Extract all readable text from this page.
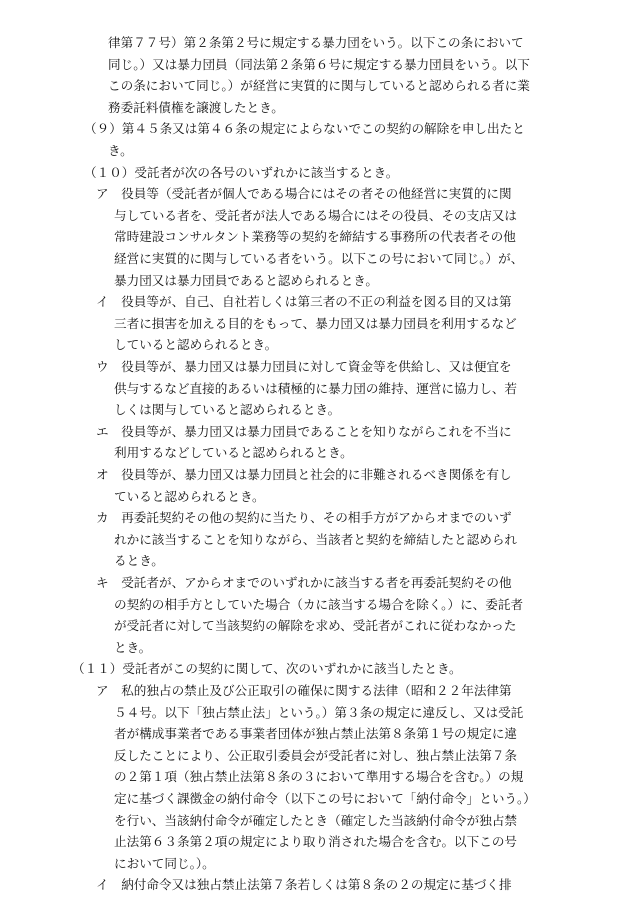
律第７７号）第２条第２号に規定する暴力団をいう。以下この条において
同じ。）又は暴力団員（同法第２条第６号に規定する暴力団員をいう。以下
この条において同じ。）が経営に実質的に関与していると認められる者に業
務委託料債権を譲渡したとき。
（９）第４５条又は第４６条の規定によらないでこの契約の解除を申し出たと
き。
（１０）受託者が次の各号のいずれかに該当するとき。
ア　役員等（受託者が個人である場合にはその者その他経営に実質的に関
与している者を、受託者が法人である場合にはその役員、その支店又は
常時建設コンサルタント業務等の契約を締結する事務所の代表者その他
経営に実質的に関与している者をいう。以下この号において同じ。）が、
暴力団又は暴力団員であると認められるとき。
イ　役員等が、自己、自社若しくは第三者の不正の利益を図る目的又は第
三者に損害を加える目的をもって、暴力団又は暴力団員を利用するなど
していると認められるとき。
ウ　役員等が、暴力団又は暴力団員に対して資金等を供給し、又は便宜を
供与するなど直接的あるいは積極的に暴力団の維持、運営に協力し、若
しくは関与していると認められるとき。
エ　役員等が、暴力団又は暴力団員であることを知りながらこれを不当に
利用するなどしていると認められるとき。
オ　役員等が、暴力団又は暴力団員と社会的に非難されるべき関係を有し
ていると認められるとき。
カ　再委託契約その他の契約に当たり、その相手方がアからオまでのいず
れかに該当することを知りながら、当該者と契約を締結したと認められ
るとき。
キ　受託者が、アからオまでのいずれかに該当する者を再委託契約その他
の契約の相手方としていた場合（カに該当する場合を除く。）に、委託者
が受託者に対して当該契約の解除を求め、受託者がこれに従わなかった
とき。
（１１）受託者がこの契約に関して、次のいずれかに該当したとき。
ア　私的独占の禁止及び公正取引の確保に関する法律（昭和２２年法律第
５４号。以下「独占禁止法」という。）第３条の規定に違反し、又は受託
者が構成事業者である事業者団体が独占禁止法第８条第１号の規定に違
反したことにより、公正取引委員会が受託者に対し、独占禁止法第７条
の２第１項（独占禁止法第８条の３において準用する場合を含む。）の規
定に基づく課徴金の納付命令（以下この号において「納付命令」という。）
を行い、当該納付命令が確定したとき（確定した当該納付命令が独占禁
止法第６３条第２項の規定により取り消された場合を含む。以下この号
において同じ。）。
イ　納付命令又は独占禁止法第７条若しくは第８条の２の規定に基づく排
